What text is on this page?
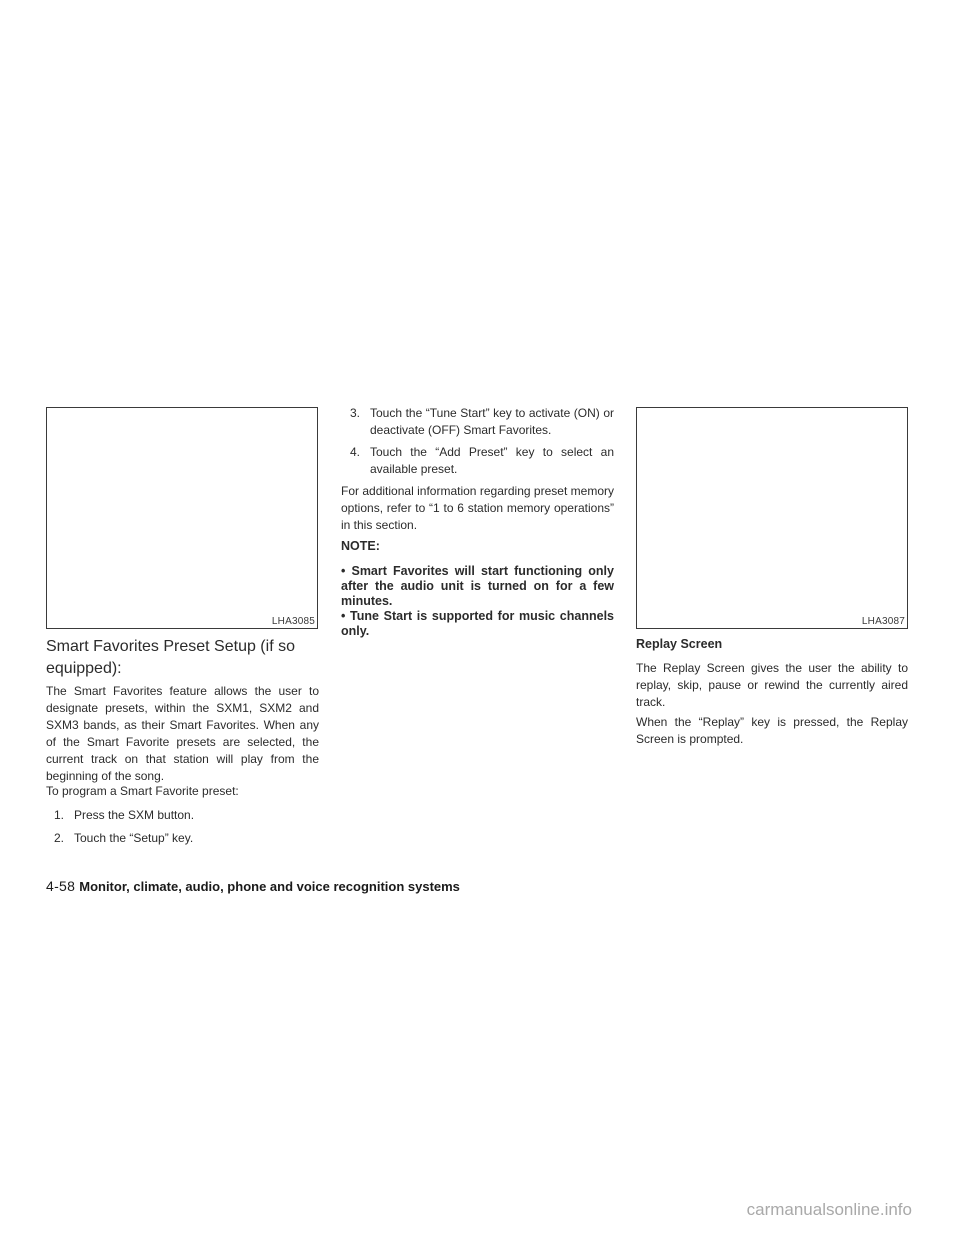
LHA3085
Smart Favorites Preset Setup (if so equipped):

The Smart Favorites feature allows the user to designate presets, within the SXM1, SXM2 and SXM3 bands, as their Smart Favorites. When any of the Smart Favorite presets are selected, the current track on that station will play from the beginning of the song.

To program a Smart Favorite preset:

1. Press the SXM button.
2. Touch the “Setup” key.
3. Touch the “Tune Start” key to activate (ON) or deactivate (OFF) Smart Favorites.
4. Touch the “Add Preset” key to select an available preset.

For additional information regarding preset memory options, refer to “1 to 6 station memory operations” in this section.

NOTE:
• Smart Favorites will start functioning only after the audio unit is turned on for a few minutes.
• Tune Start is supported for music channels only.
LHA3087
Replay Screen

The Replay Screen gives the user the ability to replay, skip, pause or rewind the currently aired track.

When the “Replay” key is pressed, the Replay Screen is prompted.

4-58 Monitor, climate, audio, phone and voice recognition systems
carmanualsonline.info
